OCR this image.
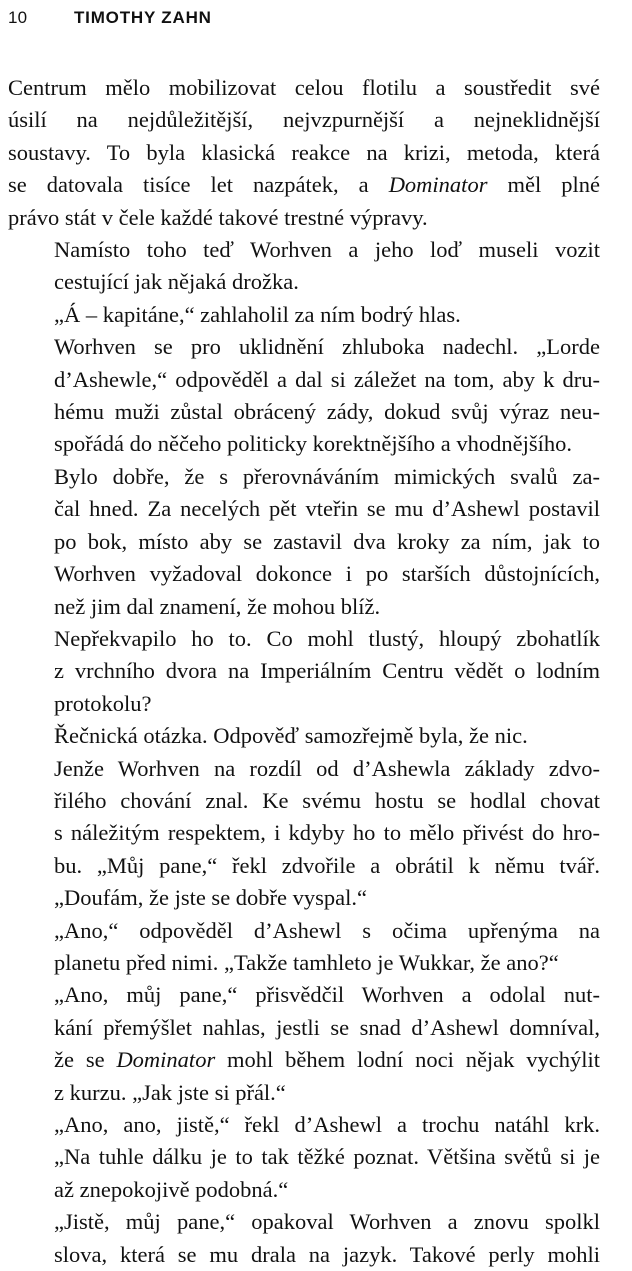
10	TIMOTHY ZAHN

Centrum mělo mobilizovat celou flotilu a soustředit své
úsilí na nejdůležitější, nejvzpurnější a nejneklidnější
soustavy. To byla klasická reakce na krizi, metoda, která
se datovala tisíce let nazpátek, a Dominator měl plné
právo stát v čele každé takové trestné výpravy.

Namísto toho teď Worhven a jeho loď museli vozit
cestující jak nějaká drožka.

„Á – kapitáne,“ zahlaholil za ním bodrý hlas.

Worhven se pro uklidnění zhluboka nadechl. „Lorde
d’Ashewle,“ odpověděl a dal si záležet na tom, aby k dru-
hému muži zůstal obrácený zády, dokud svůj výraz neu-
spořádá do něčeho politicky korektnějšího a vhodnějšího.

Bylo dobře, že s přerovnáváním mimických svalů za-
čal hned. Za necelých pět vteřin se mu d’Ashewl postavil
po bok, místo aby se zastavil dva kroky za ním, jak to
Worhven vyžadoval dokonce i po starších důstojnících,
než jim dal znamení, že mohou blíž.

Nepřekvapilo ho to. Co mohl tlustý, hloupý zbohatlík
z vrchního dvora na Imperiálním Centru vědět o lodním
protokolu?

Řečnická otázka. Odpověď samozřejmě byla, že nic.

Jenže Worhven na rozdíl od d’Ashewla základy zdvo-
řilého chování znal. Ke svému hostu se hodlal chovat
s náležitým respektem, i kdyby ho to mělo přivést do hro-
bu. „Můj pane,“ řekl zdvořile a obrátil k němu tvář.
„Doufám, že jste se dobře vyspal.“

„Ano,“ odpověděl d’Ashewl s očima upřenýma na
planetu před nimi. „Takže tamhleto je Wukkar, že ano?“

„Ano, můj pane,“ přisvědčil Worhven a odolal nut-
kání přemýšlet nahlas, jestli se snad d’Ashewl domníval,
že se Dominator mohl během lodní noci nějak vychýlit
z kurzu. „Jak jste si přál.“

„Ano, ano, jistě,“ řekl d’Ashewl a trochu natáhl krk.
„Na tuhle dálku je to tak těžké poznat. Většina světů si je
až znepokojivě podobná.“

„Jistě, můj pane,“ opakoval Worhven a znovu spolkl
slova, která se mu drala na jazyk. Takové perly mohli
